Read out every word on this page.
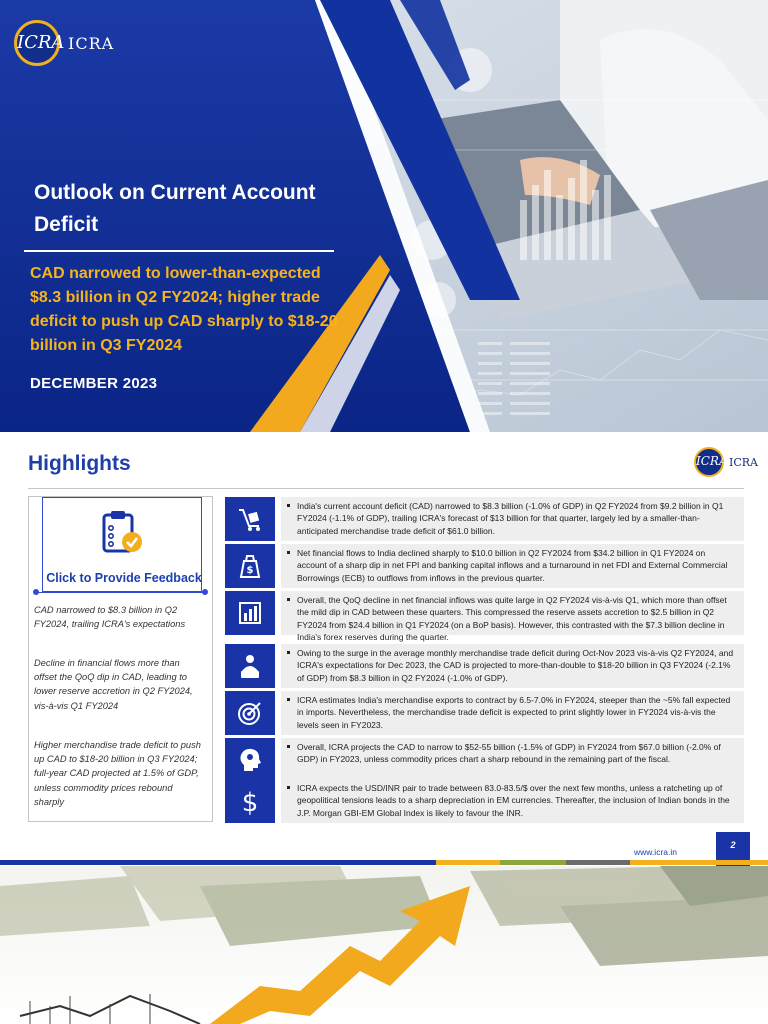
ICRA ICRA
Outlook on Current Account Deficit
CAD narrowed to lower-than-expected $8.3 billion in Q2 FY2024; higher trade deficit to push up CAD sharply to $18-20 billion in Q3 FY2024
DECEMBER 2023
Highlights	ICRA ICRA
Click to Provide Feedback
CAD narrowed to $8.3 billion in Q2 FY2024, trailing ICRA's expectations
Decline in financial flows more than offset the QoQ dip in CAD, leading to lower reserve accretion in Q2 FY2024, vis-à-vis Q1 FY2024
Higher merchandise trade deficit to push up CAD to $18-20 billion in Q3 FY2024; full-year CAD projected at 1.5% of GDP, unless commodity prices rebound sharply
India's current account deficit (CAD) narrowed to $8.3 billion (-1.0% of GDP) in Q2 FY2024 from $9.2 billion in Q1 FY2024 (-1.1% of GDP), trailing ICRA's forecast of $13 billion for that quarter, largely led by a smaller-than-anticipated merchandise trade deficit of $61.0 billion.
$
Net financial flows to India declined sharply to $10.0 billion in Q2 FY2024 from $34.2 billion in Q1 FY2024 on account of a sharp dip in net FPI and banking capital inflows and a turnaround in net FDI and External Commercial Borrowings (ECB) to outflows from inflows in the previous quarter.
Overall, the QoQ decline in net financial inflows was quite large in Q2 FY2024 vis-à-vis Q1, which more than offset the mild dip in CAD between these quarters. This compressed the reserve assets accretion to $2.5 billion in Q2 FY2024 from $24.4 billion in Q1 FY2024 (on a BoP basis). However, this contrasted with the $7.3 billion decline in India's forex reserves during the quarter.
Owing to the surge in the average monthly merchandise trade deficit during Oct-Nov 2023 vis-à-vis Q2 FY2024, and ICRA's expectations for Dec 2023, the CAD is projected to more-than-double to $18-20 billion in Q3 FY2024 (-2.1% of GDP) from $8.3 billion in Q2 FY2024 (-1.0% of GDP).
ICRA estimates India's merchandise exports to contract by 6.5-7.0% in FY2024, steeper than the ~5% fall expected in imports. Nevertheless, the merchandise trade deficit is expected to print slightly lower in FY2024 vis-à-vis the levels seen in FY2023.
Overall, ICRA projects the CAD to narrow to $52-55 billion (-1.5% of GDP) in FY2024 from $67.0 billion (-2.0% of GDP) in FY2023, unless commodity prices chart a sharp rebound in the remaining part of the fiscal.
$	ICRA expects the USD/INR pair to trade between 83.0-83.5/$ over the next few months, unless a ratcheting up of geopolitical tensions leads to a sharp depreciation in EM currencies. Thereafter, the inclusion of Indian bonds in the J.P. Morgan GBI-EM Global Index is likely to favour the INR.
www.icra.in
2
